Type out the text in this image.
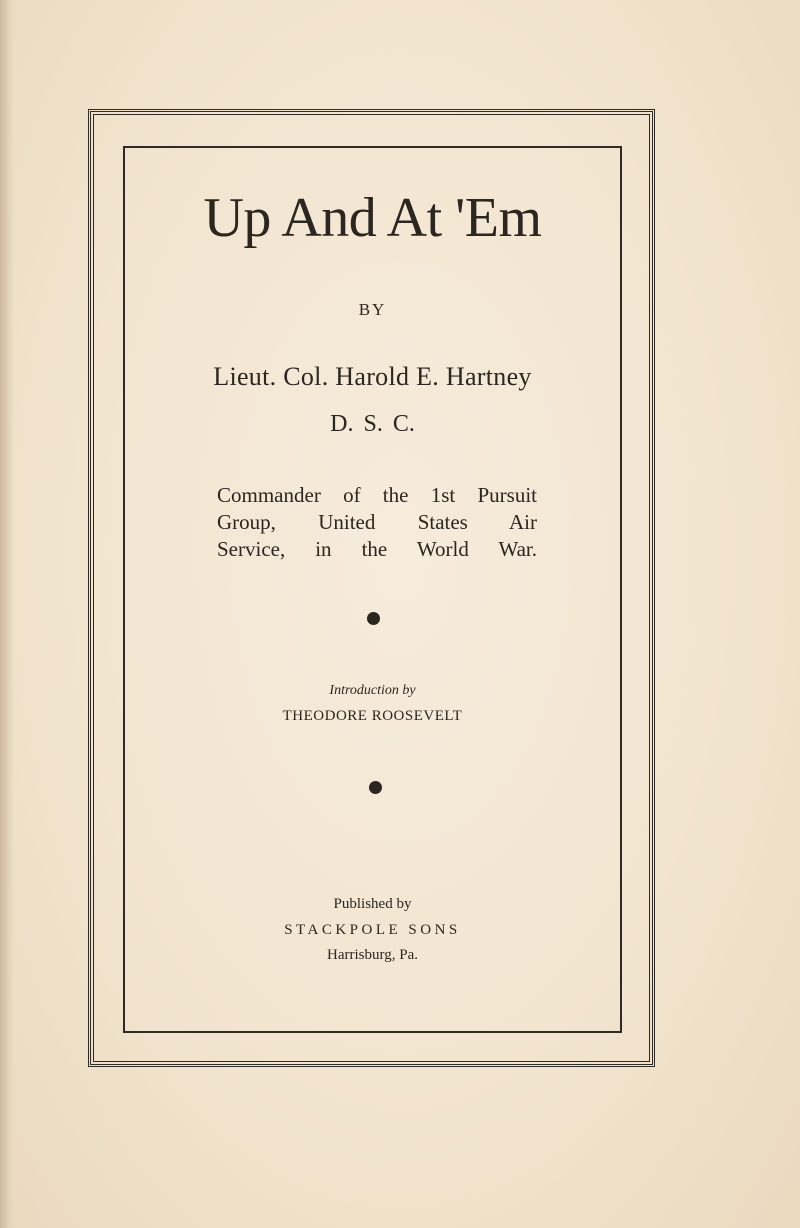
Up And At 'Em
BY
Lieut. Col. Harold E. Hartney
D. S. C.
Commander of the 1st Pursuit
Group, United States Air
Service, in the World War.
Introduction by
THEODORE ROOSEVELT
Published by
STACKPOLE SONS
Harrisburg, Pa.
